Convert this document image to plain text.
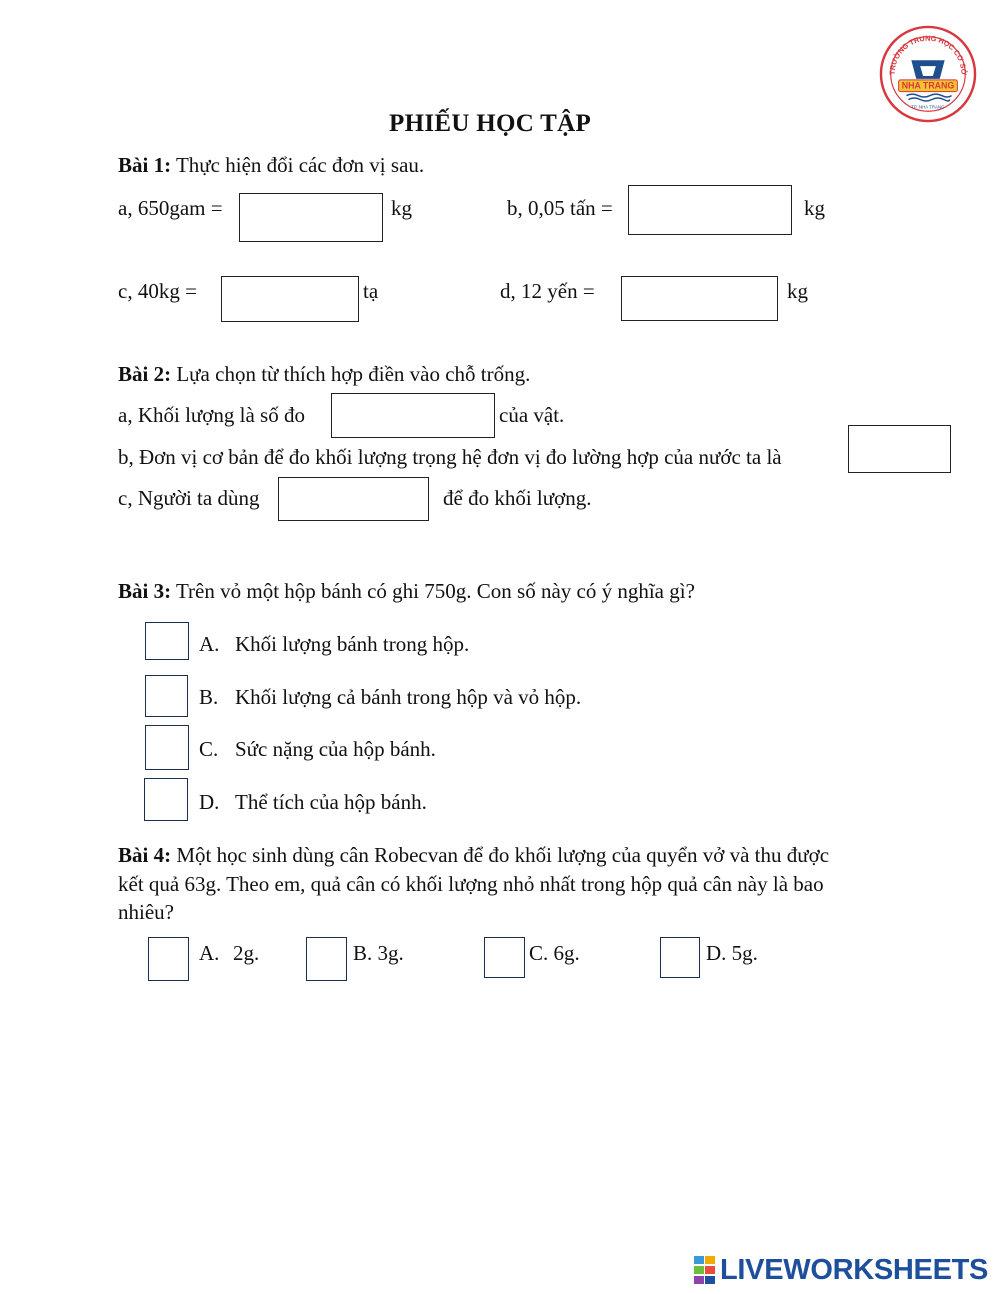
TRƯỜNG TRUNG HỌC CƠ SỞ
NHA TRANG
TP. NHA TRANG
PHIẾU HỌC TẬP
Bài 1: Thực hiện đổi các đơn vị sau.
a, 650gam =	kg	b, 0,05 tấn =	kg
c, 40kg =	tạ	d, 12 yến =	kg
Bài 2: Lựa chọn từ thích hợp điền vào chỗ trống.
a, Khối lượng là số đo	của vật.
b, Đơn vị cơ bản để đo khối lượng trọng hệ đơn vị đo lường hợp của nước ta là
c, Người ta dùng	để đo khối lượng.
Bài 3: Trên vỏ một hộp bánh có ghi 750g. Con số này có ý nghĩa gì?
A. Khối lượng bánh trong hộp.
B. Khối lượng cả bánh trong hộp và vỏ hộp.
C. Sức nặng của hộp bánh.
D. Thể tích của hộp bánh.
Bài 4: Một học sinh dùng cân Robecvan để đo khối lượng của quyển vở và thu được
kết quả 63g. Theo em, quả cân có khối lượng nhỏ nhất trong hộp quả cân này là bao
nhiêu?
A. 2g.	B. 3g.	C. 6g.	D. 5g.
LIVEWORKSHEETS
